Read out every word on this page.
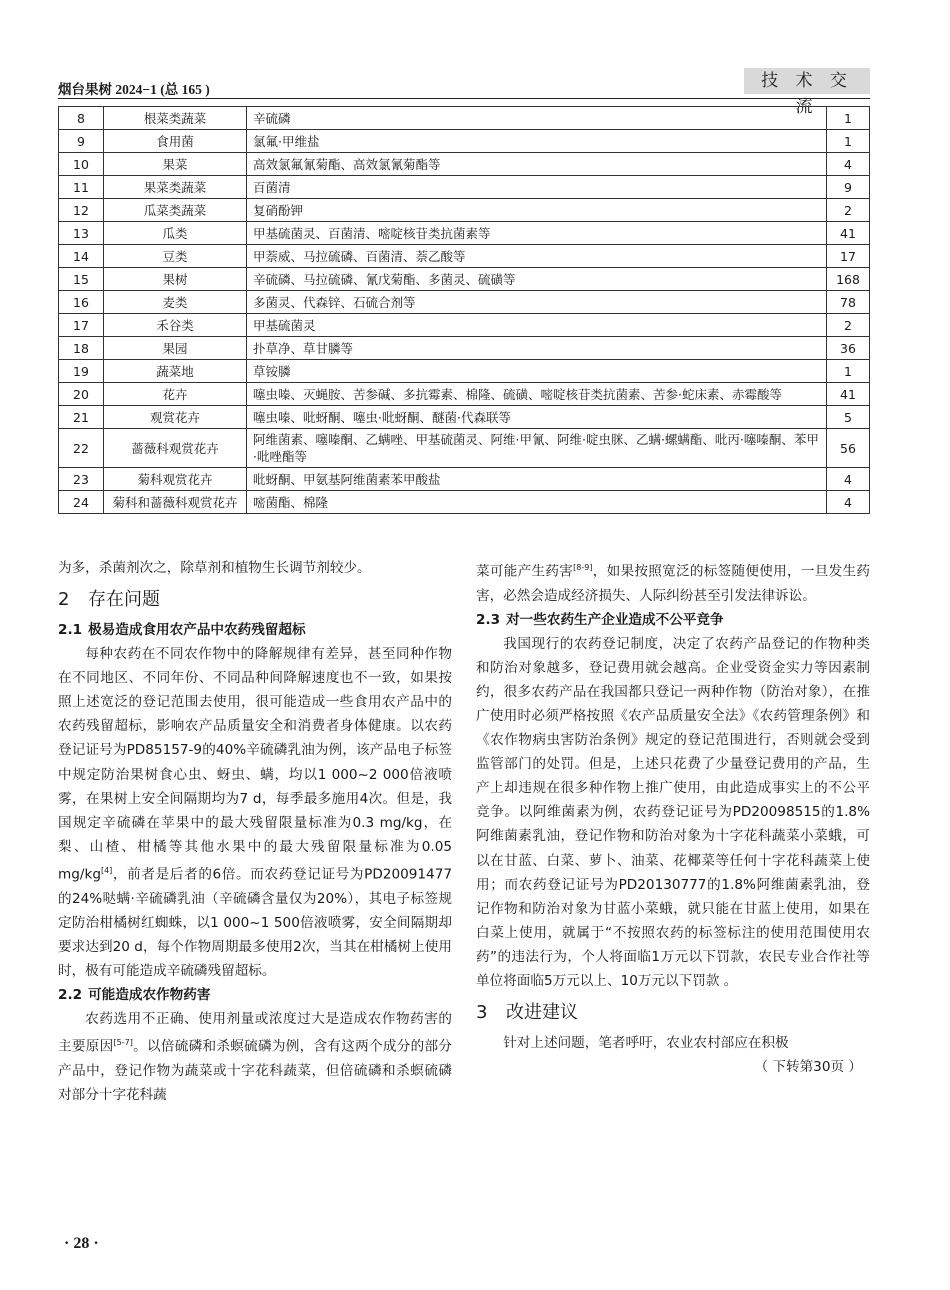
烟台果树 2024−1 (总 165 )	技 术 交 流
8	根菜类蔬菜	辛硫磷	1
9	食用菌	氯氟·甲维盐	1
10	果菜	高效氯氟氰菊酯、高效氯氰菊酯等	4
11	果菜类蔬菜	百菌清	9
12	瓜菜类蔬菜	复硝酚钾	2
13	瓜类	甲基硫菌灵、百菌清、嘧啶核苷类抗菌素等	41
14	豆类	甲萘威、马拉硫磷、百菌清、萘乙酸等	17
15	果树	辛硫磷、马拉硫磷、氰戊菊酯、多菌灵、硫磺等	168
16	麦类	多菌灵、代森锌、石硫合剂等	78
17	禾谷类	甲基硫菌灵	2
18	果园	扑草净、草甘膦等	36
19	蔬菜地	草铵膦	1
20	花卉	噻虫嗪、灭蝇胺、苦参碱、多抗霉素、棉隆、硫磺、嘧啶核苷类抗菌素、苦参·蛇床素、赤霉酸等	41
21	观赏花卉	噻虫嗪、吡蚜酮、噻虫·吡蚜酮、醚菌·代森联等	5
22	蔷薇科观赏花卉	阿维菌素、噻嗪酮、乙螨唑、甲基硫菌灵、阿维·甲氰、阿维·啶虫脒、乙螨·螺螨酯、吡丙·噻嗪酮、苯甲·吡唑酯等	56
23	菊科观赏花卉	吡蚜酮、甲氨基阿维菌素苯甲酸盐	4
24	菊科和蔷薇科观赏花卉	嘧菌酯、棉隆	4

为多，杀菌剂次之，除草剂和植物生长调节剂较少。

2 存在问题
2.1 极易造成食用农产品中农药残留超标

每种农药在不同农作物中的降解规律有差异，甚至同种作物在不同地区、不同年份、不同品种间降解速度也不一致，如果按照上述宽泛的登记范围去使用，很可能造成一些食用农产品中的农药残留超标，影响农产品质量安全和消费者身体健康。以农药登记证号为PD85157-9的40%辛硫磷乳油为例，该产品电子标签中规定防治果树食心虫、蚜虫、螨，均以1 000~2 000倍液喷雾，在果树上安全间隔期均为7 d，每季最多施用4次。但是，我国规定辛硫磷在苹果中的最大残留限量标准为0.3 mg/kg，在梨、山楂、柑橘等其他水果中的最大残留限量标准为0.05 mg/kg[4]，前者是后者的6倍。而农药登记证号为PD20091477的24%哒螨·辛硫磷乳油（辛硫磷含量仅为20%），其电子标签规定防治柑橘树红蜘蛛，以1 000~1 500倍液喷雾，安全间隔期却要求达到20 d，每个作物周期最多使用2次，当其在柑橘树上使用时，极有可能造成辛硫磷残留超标。

2.2 可能造成农作物药害

农药选用不正确、使用剂量或浓度过大是造成农作物药害的主要原因[5-7]。以倍硫磷和杀螟硫磷为例，含有这两个成分的部分产品中，登记作物为蔬菜或十字花科蔬菜，但倍硫磷和杀螟硫磷对部分十字花科蔬

菜可能产生药害[8-9]，如果按照宽泛的标签随便使用，一旦发生药害，必然会造成经济损失、人际纠纷甚至引发法律诉讼。

2.3 对一些农药生产企业造成不公平竞争

我国现行的农药登记制度，决定了农药产品登记的作物种类和防治对象越多，登记费用就会越高。企业受资金实力等因素制约，很多农药产品在我国都只登记一两种作物（防治对象），在推广使用时必须严格按照《农产品质量安全法》《农药管理条例》和《农作物病虫害防治条例》规定的登记范围进行，否则就会受到监管部门的处罚。但是，上述只花费了少量登记费用的产品，生产上却违规在很多种作物上推广使用，由此造成事实上的不公平竞争。以阿维菌素为例，农药登记证号为PD20098515的1.8%阿维菌素乳油，登记作物和防治对象为十字花科蔬菜小菜蛾，可以在甘蓝、白菜、萝卜、油菜、花椰菜等任何十字花科蔬菜上使用；而农药登记证号为PD20130777的1.8%阿维菌素乳油，登记作物和防治对象为甘蓝小菜蛾，就只能在甘蓝上使用，如果在白菜上使用，就属于“不按照农药的标签标注的使用范围使用农药”的违法行为，个人将面临1万元以下罚款，农民专业合作社等单位将面临5万元以上、10万元以下罚款 。

3 改进建议

针对上述问题，笔者呼吁，农业农村部应在积极

（ 下转第30页 ）
· 28 ·
